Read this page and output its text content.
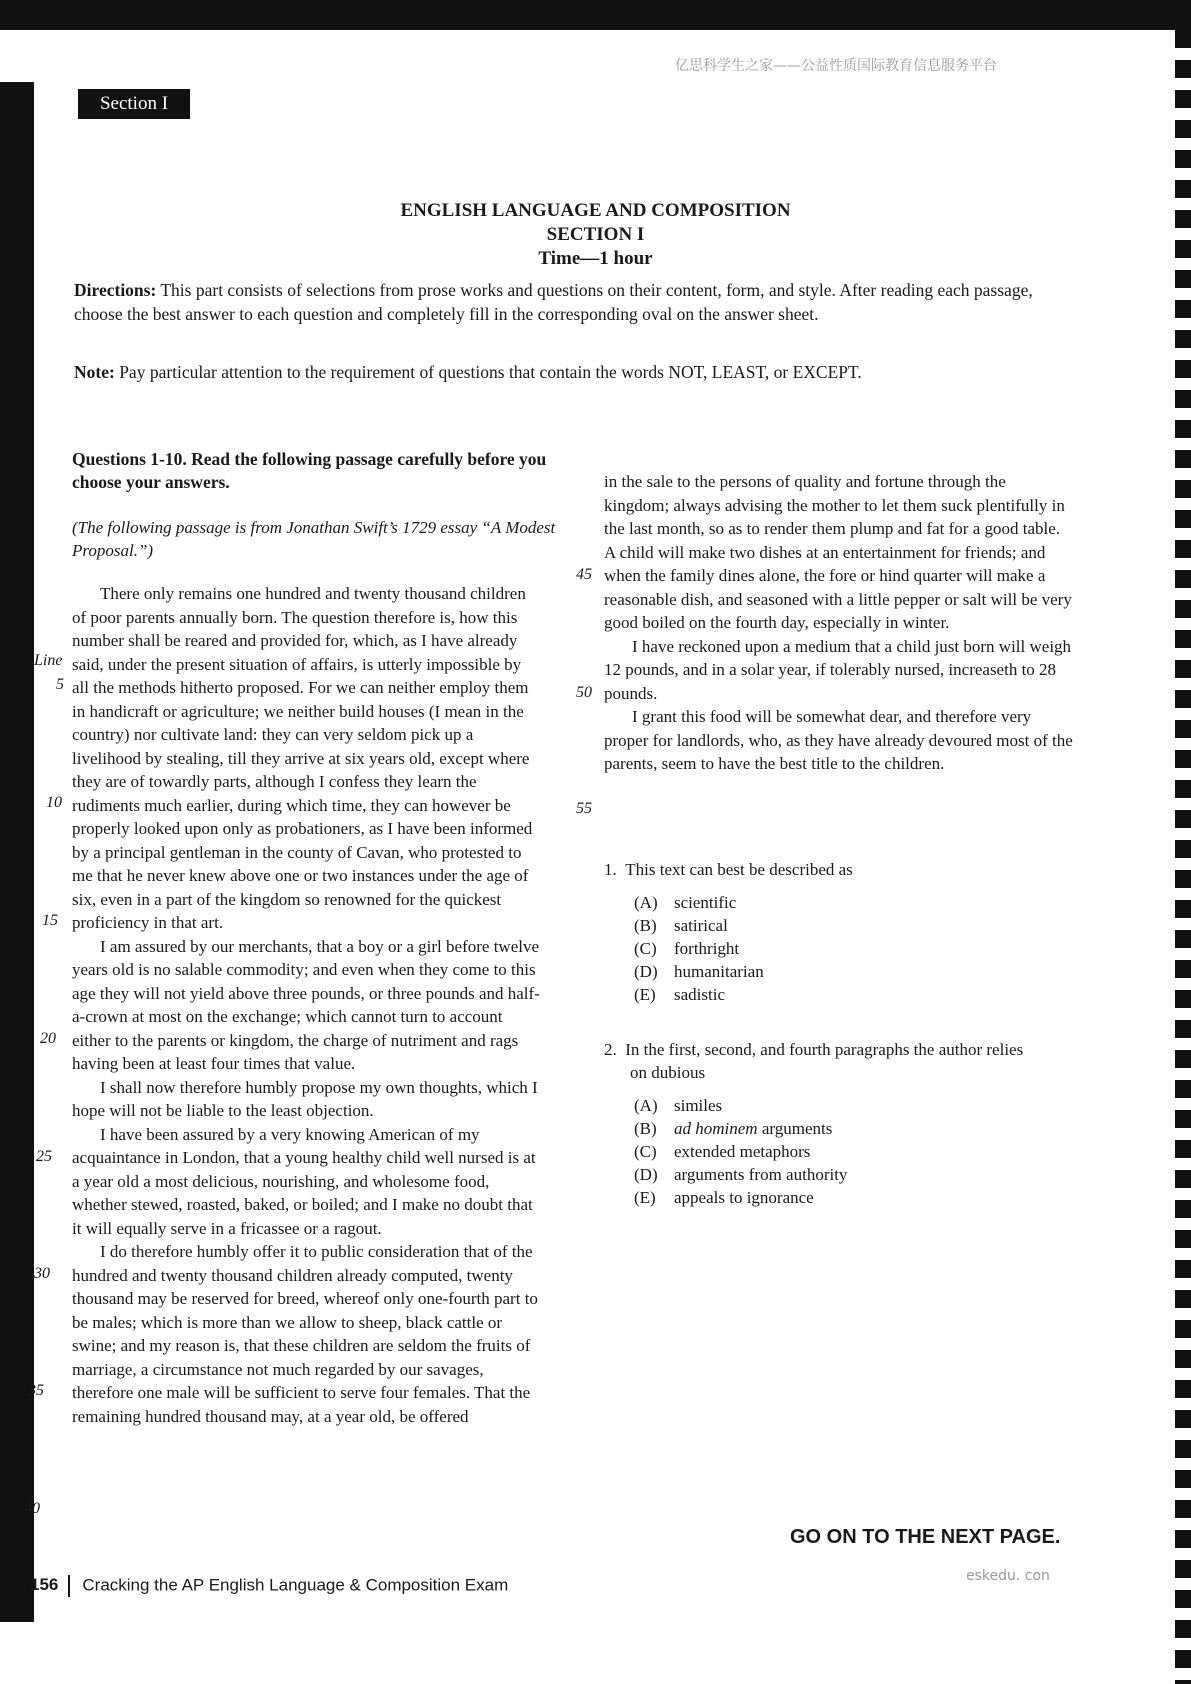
亿思科学生之家——公益性质国际教育信息服务平台
Section I
ENGLISH LANGUAGE AND COMPOSITION
SECTION I
Time—1 hour
Directions: This part consists of selections from prose works and questions on their content, form, and style. After reading each passage, choose the best answer to each question and completely fill in the corresponding oval on the answer sheet.
Note: Pay particular attention to the requirement of questions that contain the words NOT, LEAST, or EXCEPT.
Questions 1-10. Read the following passage carefully before you choose your answers.
(The following passage is from Jonathan Swift’s 1729 essay “A Modest Proposal.”)

There only remains one hundred and twenty thousand children of poor parents annually born. The question therefore is, how this number shall be reared and provided for, which, as I have already said, under the present situation of affairs, is utterly impossible by all the methods hitherto proposed. For we can neither employ them in handicraft or agriculture; we neither build houses (I mean in the country) nor cultivate land: they can very seldom pick up a livelihood by stealing, till they arrive at six years old, except where they are of towardly parts, although I confess they learn the rudiments much earlier, during which time, they can however be properly looked upon only as probationers, as I have been informed by a principal gentleman in the county of Cavan, who protested to me that he never knew above one or two instances under the age of six, even in a part of the kingdom so renowned for the quickest proficiency in that art.

I am assured by our merchants, that a boy or a girl before twelve years old is no salable commodity; and even when they come to this age they will not yield above three pounds, or three pounds and half-a-crown at most on the exchange; which cannot turn to account either to the parents or kingdom, the charge of nutriment and rags having been at least four times that value.

I shall now therefore humbly propose my own thoughts, which I hope will not be liable to the least objection.

I have been assured by a very knowing American of my acquaintance in London, that a young healthy child well nursed is at a year old a most delicious, nourishing, and wholesome food, whether stewed, roasted, baked, or boiled; and I make no doubt that it will equally serve in a fricassee or a ragout.

I do therefore humbly offer it to public consideration that of the hundred and twenty thousand children already computed, twenty thousand may be reserved for breed, whereof only one-fourth part to be males; which is more than we allow to sheep, black cattle or swine; and my reason is, that these children are seldom the fruits of marriage, a circumstance not much regarded by our savages, therefore one male will be sufficient to serve four females. That the remaining hundred thousand may, at a year old, be offered

Line
5
10
15
20
25
30
35
40
45
50
55

in the sale to the persons of quality and fortune through the kingdom; always advising the mother to let them suck plentifully in the last month, so as to render them plump and fat for a good table. A child will make two dishes at an entertainment for friends; and when the family dines alone, the fore or hind quarter will make a reasonable dish, and seasoned with a little pepper or salt will be very good boiled on the fourth day, especially in winter.

I have reckoned upon a medium that a child just born will weigh 12 pounds, and in a solar year, if tolerably nursed, increaseth to 28 pounds.

I grant this food will be somewhat dear, and therefore very proper for landlords, who, as they have already devoured most of the parents, seem to have the best title to the children.

1. This text can best be described as
(A) scientific
(B) satirical
(C) forthright
(D) humanitarian
(E) sadistic
2. In the first, second, and fourth paragraphs the author relies on dubious
(A) similes
(B) ad hominem arguments
(C) extended metaphors
(D) arguments from authority
(E) appeals to ignorance
GO ON TO THE NEXT PAGE.
156 Cracking the AP English Language & Composition Exam	eskedu. con
